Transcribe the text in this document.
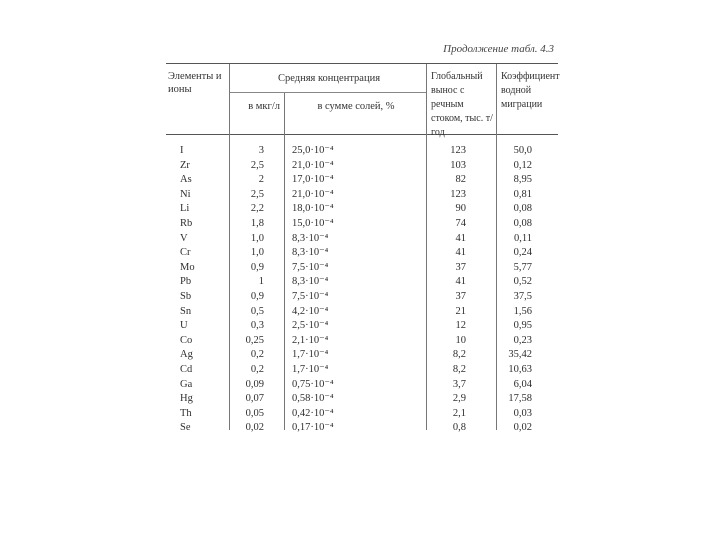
Продолжение табл. 4.3
Элементы и ионы
Средняя концентрация
в мкг/л	в сумме солей, %
Глобальный вынос с речным стоком, тыс. т/год
Коэффициент водной миграции
I	3	25,0·10⁻⁴	123	50,0
Zr	2,5	21,0·10⁻⁴	103	0,12
As	2	17,0·10⁻⁴	82	8,95
Ni	2,5	21,0·10⁻⁴	123	0,81
Li	2,2	18,0·10⁻⁴	90	0,08
Rb	1,8	15,0·10⁻⁴	74	0,08
V	1,0	8,3·10⁻⁴	41	0,11
Cr	1,0	8,3·10⁻⁴	41	0,24
Mo	0,9	7,5·10⁻⁴	37	5,77
Pb	1	8,3·10⁻⁴	41	0,52
Sb	0,9	7,5·10⁻⁴	37	37,5
Sn	0,5	4,2·10⁻⁴	21	1,56
U	0,3	2,5·10⁻⁴	12	0,95
Co	0,25	2,1·10⁻⁴	10	0,23
Ag	0,2	1,7·10⁻⁴	8,2	35,42
Cd	0,2	1,7·10⁻⁴	8,2	10,63
Ga	0,09	0,75·10⁻⁴	3,7	6,04
Hg	0,07	0,58·10⁻⁴	2,9	17,58
Th	0,05	0,42·10⁻⁴	2,1	0,03
Se	0,02	0,17·10⁻⁴	0,8	0,02
